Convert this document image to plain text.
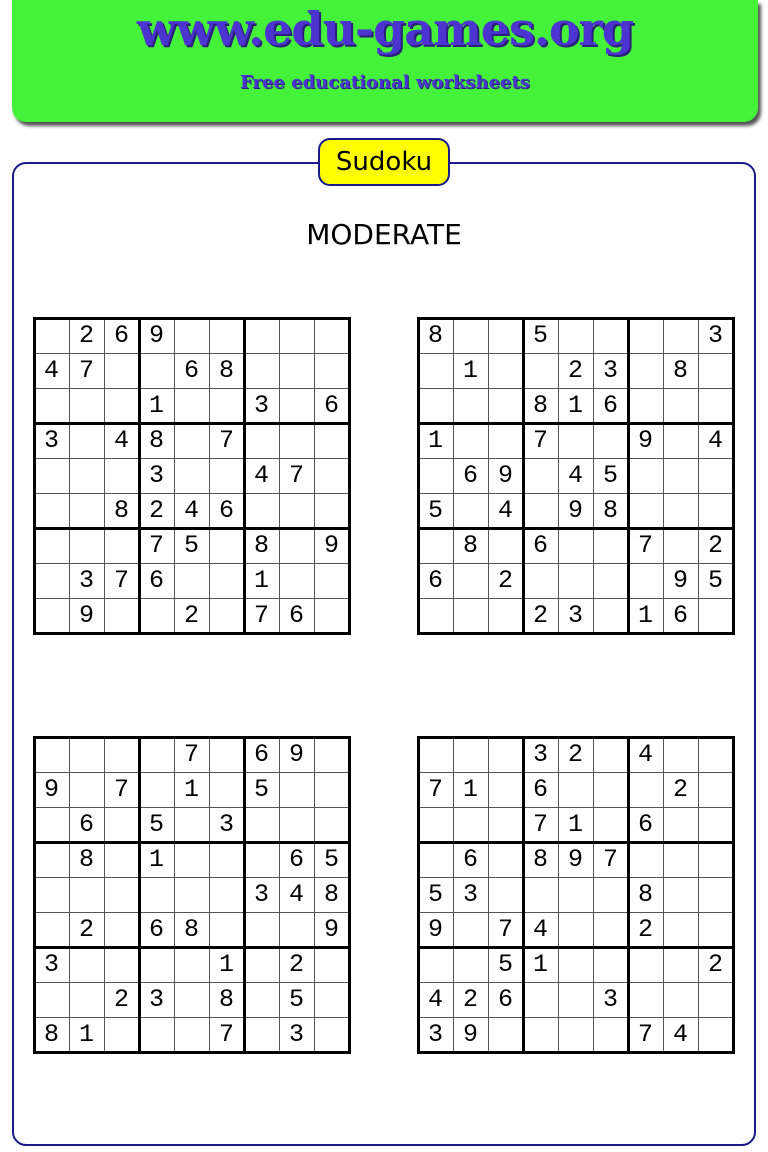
www.edu-games.org
Free educational worksheets
Sudoku
MODERATE
269
47  68
1  3 6
3 48 7
3  47
8246
75 8 9
376  1
9  2 76
8  5    3
1  23 8
816
1  7  9 4
69 45
5 4 98
8 6  7 2
6 2    95
23 16
7 69
9 7 1 5
6 5 3
8 1   65
348
2 68   9
3    1 2
23 8 5
81   7 3
32 4
71 6   2
71 6
6 897
53    8
9 74  2
51    2
426  3
39    74
